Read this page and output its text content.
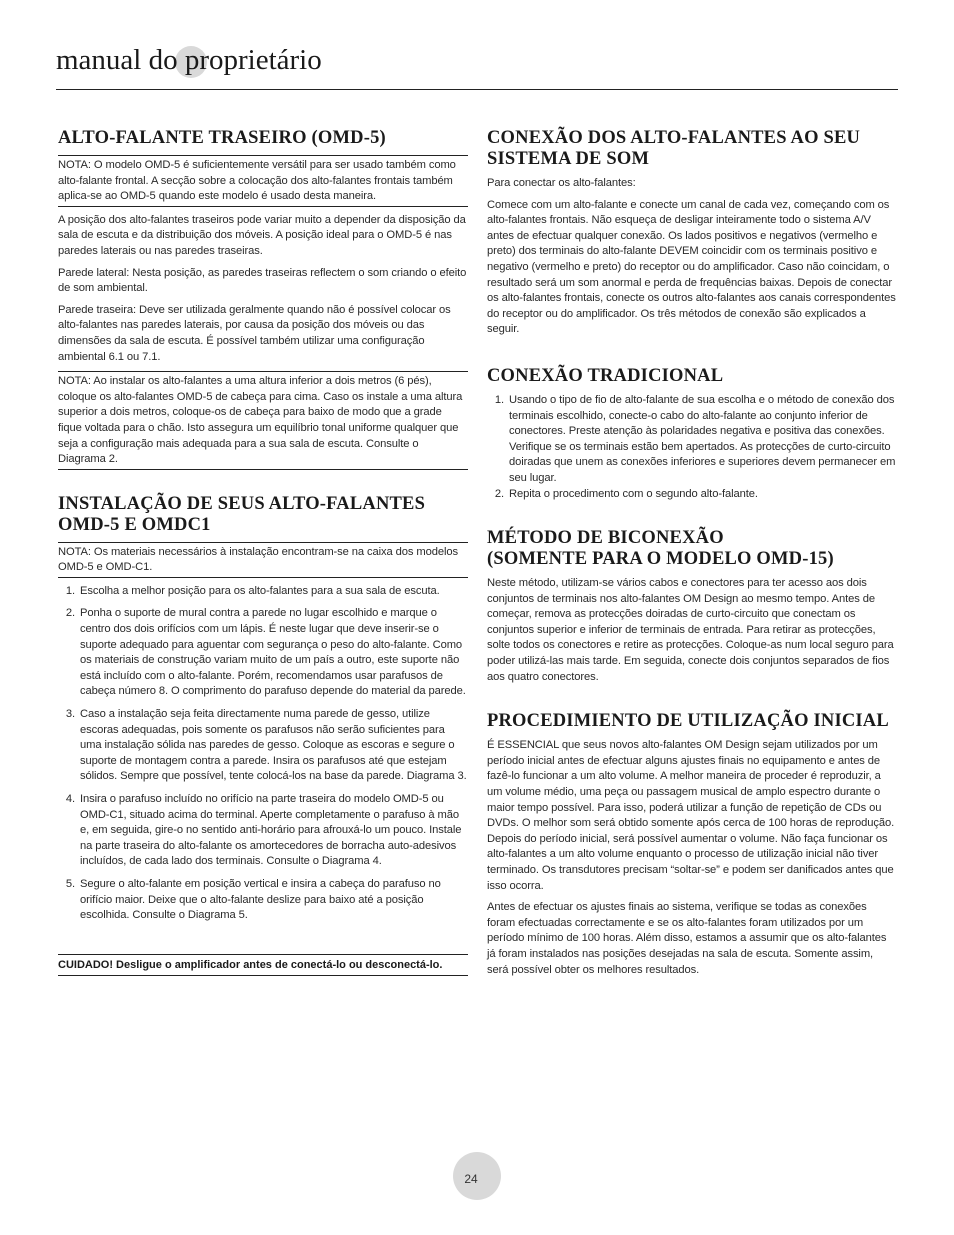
manual do proprietário
ALTO-FALANTE TRASEIRO (OMD-5)

NOTA: O modelo OMD-5 é suficientemente versátil para ser usado também como alto-falante frontal. A secção sobre a colocação dos alto-falantes frontais também aplica-se ao OMD-5 quando este modelo é usado desta maneira.

A posição dos alto-falantes traseiros pode variar muito a depender da disposição da sala de escuta e da distribuição dos móveis. A posição ideal para o OMD-5 é nas paredes laterais ou nas paredes traseiras.

Parede lateral: Nesta posição, as paredes traseiras reflectem o som criando o efeito de som ambiental.

Parede traseira: Deve ser utilizada geralmente quando não é possível colocar os alto-falantes nas paredes laterais, por causa da posição dos móveis ou das dimensões da sala de escuta. É possível também utilizar uma configuração ambiental 6.1 ou 7.1.

NOTA: Ao instalar os alto-falantes a uma altura inferior a dois metros (6 pés), coloque os alto-falantes OMD-5 de cabeça para cima. Caso os instale a uma altura superior a dois metros, coloque-os de cabeça para baixo de modo que a grade fique voltada para o chão. Isto assegura um equilíbrio tonal uniforme qualquer que seja a configuração mais adequada para a sua sala de escuta. Consulte o Diagrama 2.

INSTALAÇÃO DE SEUS ALTO-FALANTES OMD-5 E OMDC1

NOTA: Os materiais necessários à instalação encontram-se na caixa dos modelos OMD-5 e OMD-C1.

1. Escolha a melhor posição para os alto-falantes para a sua sala de escuta.
2. Ponha o suporte de mural contra a parede no lugar escolhido e marque o centro dos dois orifícios com um lápis. É neste lugar que deve inserir-se o suporte adequado para aguentar com segurança o peso do alto-falante. Como os materiais de construção variam muito de um país a outro, este suporte não está incluído com o alto-falante. Porém, recomendamos usar parafusos de cabeça número 8. O comprimento do parafuso depende do material da parede.
3. Caso a instalação seja feita directamente numa parede de gesso, utilize escoras adequadas, pois somente os parafusos não serão suficientes para uma instalação sólida nas paredes de gesso. Coloque as escoras e segure o suporte de montagem contra a parede. Insira os parafusos até que estejam sólidos. Sempre que possível, tente colocá-los na base da parede. Diagrama 3.
4. Insira o parafuso incluído no orifício na parte traseira do modelo OMD-5 ou OMD-C1, situado acima do terminal. Aperte completamente o parafuso à mão e, em seguida, gire-o no sentido anti-horário para afrouxá-lo um pouco. Instale na parte traseira do alto-falante os amortecedores de borracha auto-adesivos incluídos, de cada lado dos terminais. Consulte o Diagrama 4.
5. Segure o alto-falante em posição vertical e insira a cabeça do parafuso no orifício maior. Deixe que o alto-falante deslize para baixo até a posição escolhida. Consulte o Diagrama 5.
CUIDADO! Desligue o amplificador antes de conectá-lo ou desconectá-lo.
CONEXÃO DOS ALTO-FALANTES AO SEU SISTEMA DE SOM

Para conectar os alto-falantes:

Comece com um alto-falante e conecte um canal de cada vez, começando com os alto-falantes frontais. Não esqueça de desligar inteiramente todo o sistema A/V antes de efectuar qualquer conexão. Os lados positivos e negativos (vermelho e preto) dos terminais do alto-falante DEVEM coincidir com os terminais positivo e negativo (vermelho e preto) do receptor ou do amplificador. Caso não coincidam, o resultado será um som anormal e perda de frequências baixas. Depois de conectar os alto-falantes frontais, conecte os outros alto-falantes aos canais correspondentes do receptor ou do amplificador. Os três métodos de conexão são explicados a seguir.

CONEXÃO TRADICIONAL
1. Usando o tipo de fio de alto-falante de sua escolha e o método de conexão dos terminais escolhido, conecte-o cabo do alto-falante ao conjunto inferior de conectores. Preste atenção às polaridades negativa e positiva das conexões. Verifique se os terminais estão bem apertados. As protecções de curto-circuito doiradas que unem as conexões inferiores e superiores devem permanecer em seu lugar.
2. Repita o procedimento com o segundo alto-falante.
MÉTODO DE BICONEXÃO
(SOMENTE PARA O MODELO OMD-15)

Neste método, utilizam-se vários cabos e conectores para ter acesso aos dois conjuntos de terminais nos alto-falantes OM Design ao mesmo tempo. Antes de começar, remova as protecções doiradas de curto-circuito que conectam os conjuntos superior e inferior de terminais de entrada. Para retirar as protecções, solte todos os conectores e retire as protecções. Coloque-as num local seguro para poder utilizá-las mais tarde. Em seguida, conecte dois conjuntos separados de fios aos quatro conectores.

PROCEDIMIENTO DE UTILIZAÇÃO INICIAL

É ESSENCIAL que seus novos alto-falantes OM Design sejam utilizados por um período inicial antes de efectuar alguns ajustes finais no equipamento e antes de fazê-lo funcionar a um alto volume. A melhor maneira de proceder é reproduzir, a um volume médio, uma peça ou passagem musical de amplo espectro durante o maior tempo possível. Para isso, poderá utilizar a função de repetição de CDs ou DVDs. O melhor som será obtido somente após cerca de 100 horas de reprodução. Depois do período inicial, será possível aumentar o volume. Não faça funcionar os alto-falantes a um alto volume enquanto o processo de utilização inicial não tiver terminado. Os transdutores precisam “soltar-se” e podem ser danificados antes que isso ocorra.

Antes de efectuar os ajustes finais ao sistema, verifique se todas as conexões foram efectuadas correctamente e se os alto-falantes foram utilizados por um período mínimo de 100 horas. Além disso, estamos a assumir que os alto-falantes já foram instalados nas posições desejadas na sala de escuta. Somente assim, será possível obter os melhores resultados.

24
